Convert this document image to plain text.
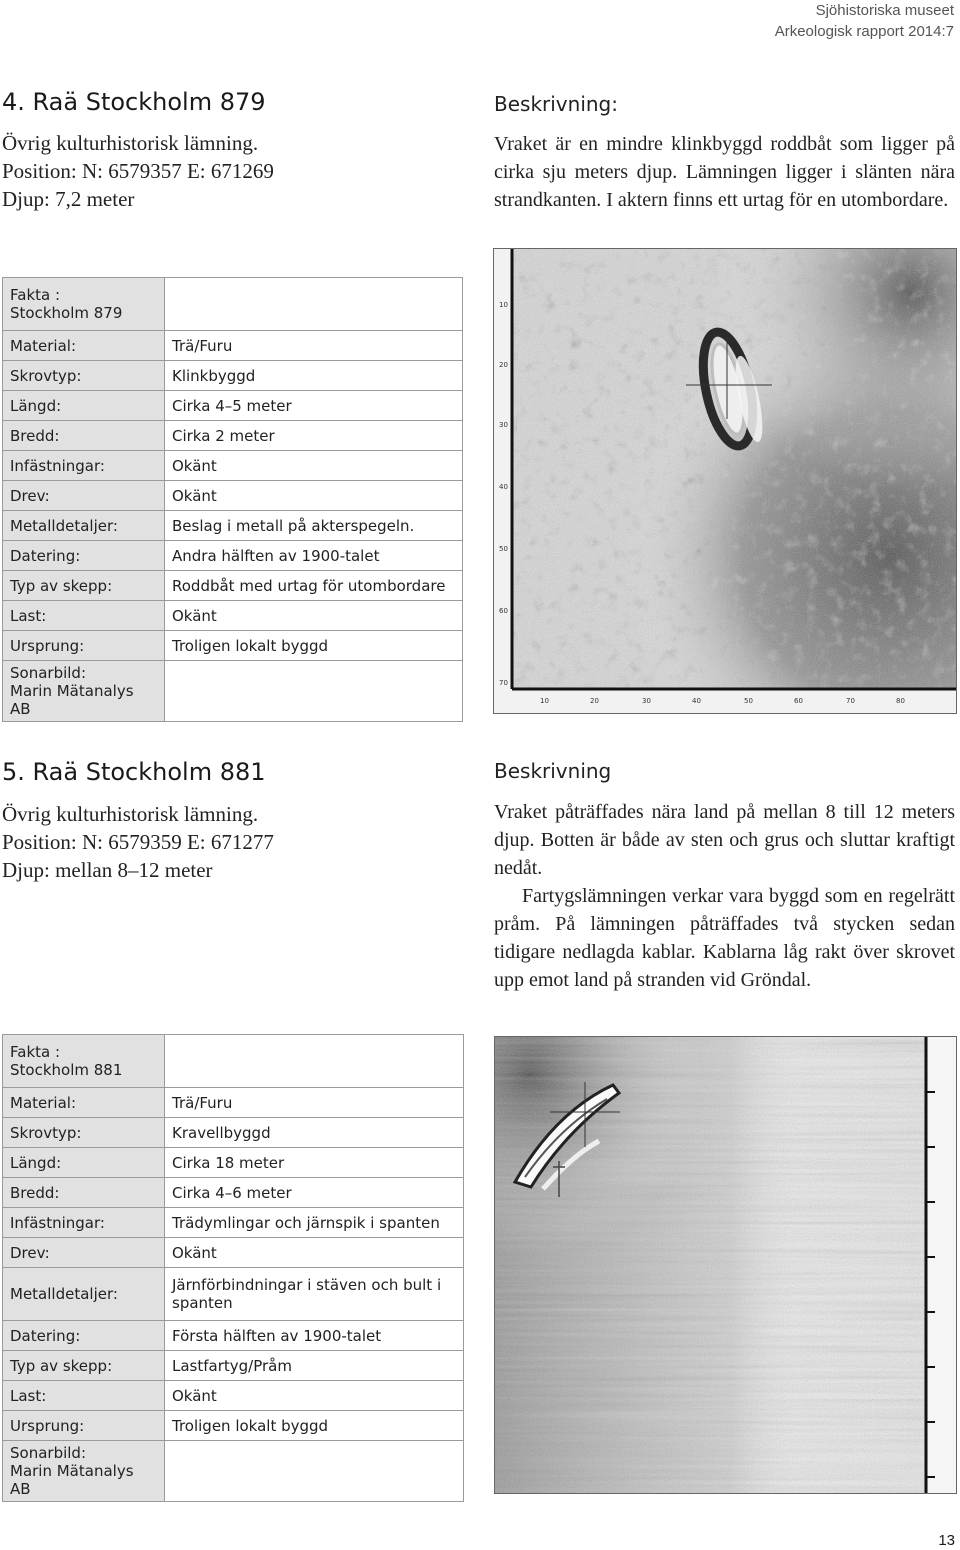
Sjöhistoriska museet
Arkeologisk rapport 2014:7
4. Raä Stockholm 879
Övrig kulturhistorisk lämning.
Position: N: 6579357 E: 671269
Djup: 7,2 meter
Beskrivning:

Vraket är en mindre klinkbyggd roddbåt som ligger på cirka sju meters djup. Lämningen ligger i slänten nära strandkanten. I aktern finns ett urtag för en utombordare.

Fakta :
Stockholm 879	

Material:	Trä/Furu
Skrovtyp:	Klinkbyggd
Längd:	Cirka 4–5 meter
Bredd:	Cirka 2 meter
Infästningar:	Okänt
Drev:	Okänt
Metalldetaljer:	Beslag i metall på akterspegeln.
Datering:	Andra hälften av 1900-talet
Typ av skepp:	Roddbåt med urtag för utombordare
Last:	Okänt
Ursprung:	Troligen lokalt byggd

Sonarbild:
Marin Mätanalys AB	

10
20
30
40
50
60
70
10	20	30	40	50	60	70	80
5. Raä Stockholm 881
Övrig kulturhistorisk lämning.
Position: N: 6579359 E: 671277
Djup: mellan 8–12 meter
Beskrivning

Vraket påträffades nära land på mellan 8 till 12 meters djup. Botten är både av sten och grus och sluttar kraftigt nedåt.

Fartygslämningen verkar vara byggd som en regelrätt pråm. På lämningen påträffades två stycken sedan tidigare nedlagda kablar. Kablarna låg rakt över skrovet upp emot land på stranden vid Gröndal.

Fakta :
Stockholm 881	

Material:	Trä/Furu
Skrovtyp:	Kravellbyggd
Längd:	Cirka 18 meter
Bredd:	Cirka 4–6 meter
Infästningar:	Trädymlingar och järnspik i spanten
Drev:	Okänt
Metalldetaljer:	Järnförbindningar i stäven och bult i spanten
Datering:	Första hälften av 1900-talet
Typ av skepp:	Lastfartyg/Pråm
Last:	Okänt
Ursprung:	Troligen lokalt byggd

Sonarbild:
Marin Mätanalys AB	

13
